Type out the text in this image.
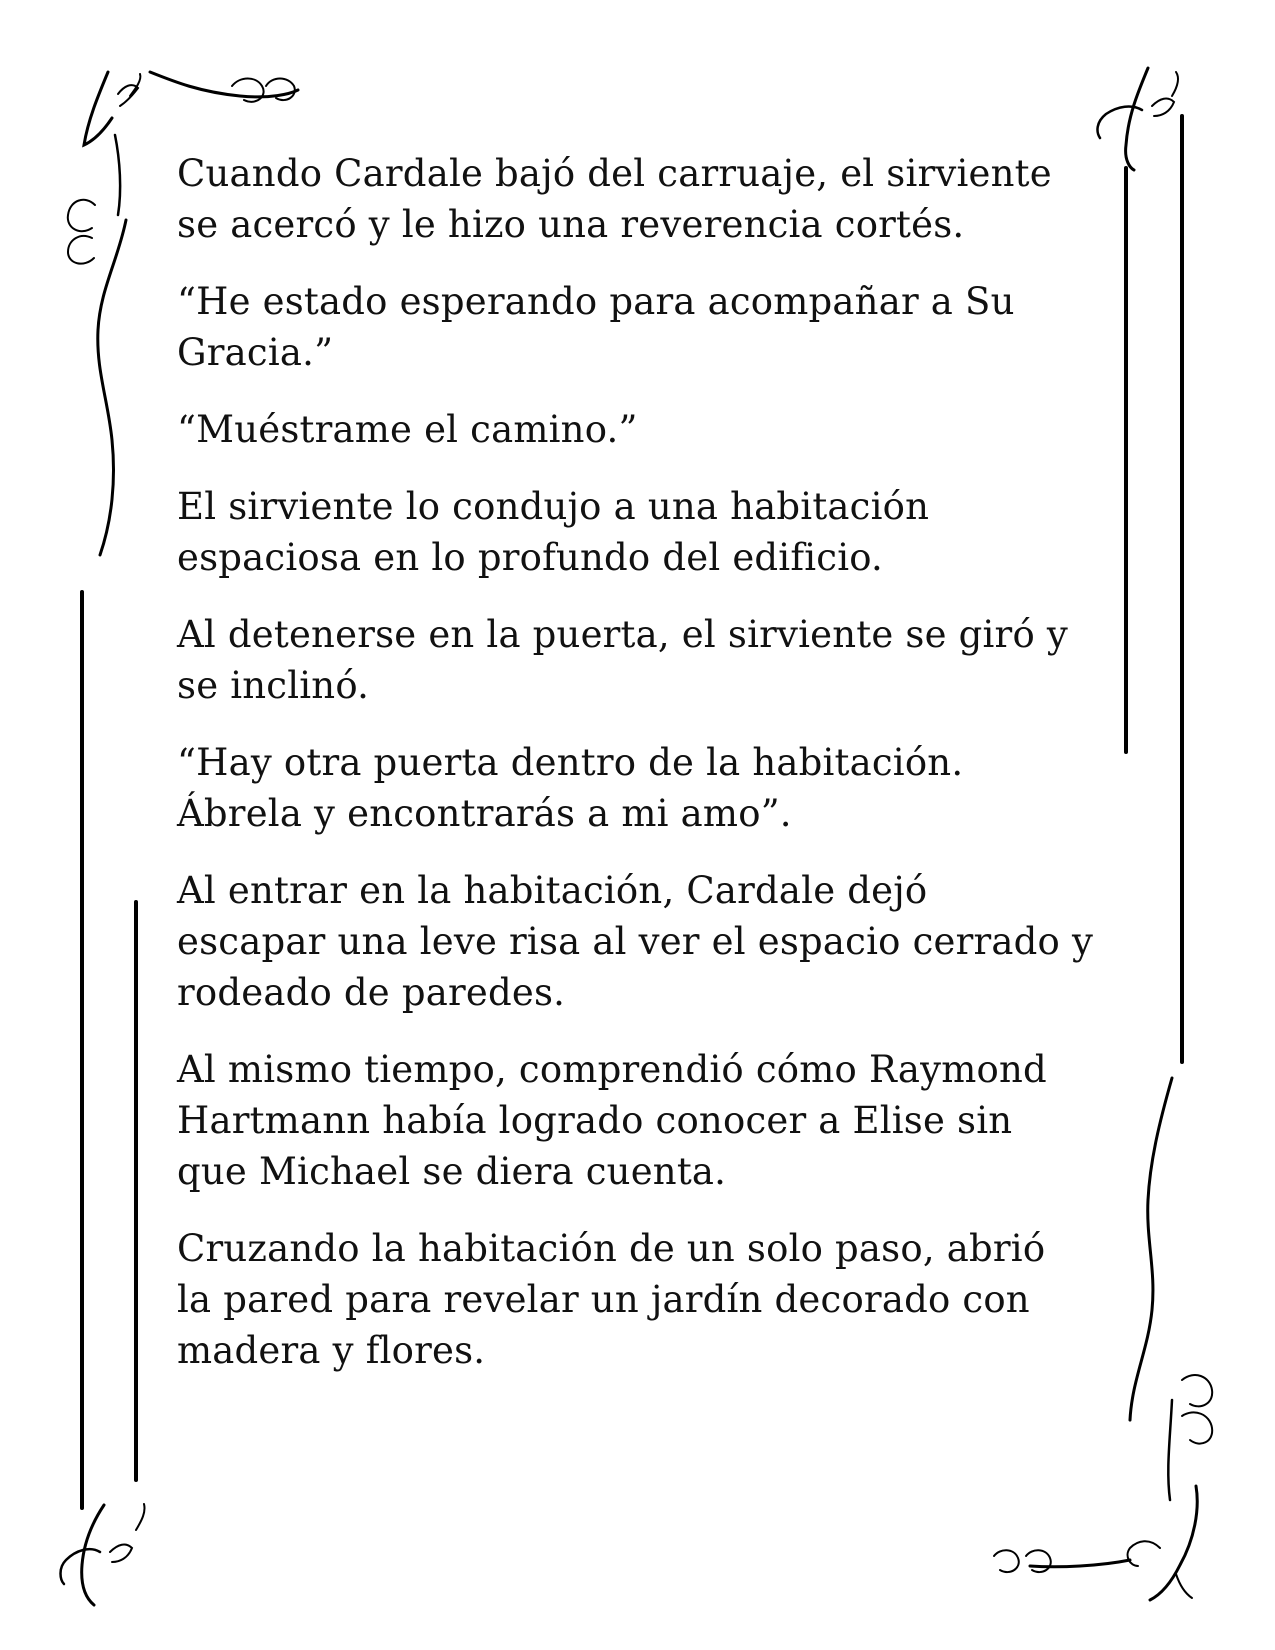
Cuando Cardale bajó del carruaje, el sirviente
se acercó y le hizo una reverencia cortés.

“He estado esperando para acompañar a Su
Gracia.”

“Muéstrame el camino.”

El sirviente lo condujo a una habitación
espaciosa en lo profundo del edificio.

Al detenerse en la puerta, el sirviente se giró y
se inclinó.

“Hay otra puerta dentro de la habitación.
Ábrela y encontrarás a mi amo”.

Al entrar en la habitación, Cardale dejó
escapar una leve risa al ver el espacio cerrado y
rodeado de paredes.

Al mismo tiempo, comprendió cómo Raymond
Hartmann había logrado conocer a Elise sin
que Michael se diera cuenta.

Cruzando la habitación de un solo paso, abrió
la pared para revelar un jardín decorado con
madera y flores.
